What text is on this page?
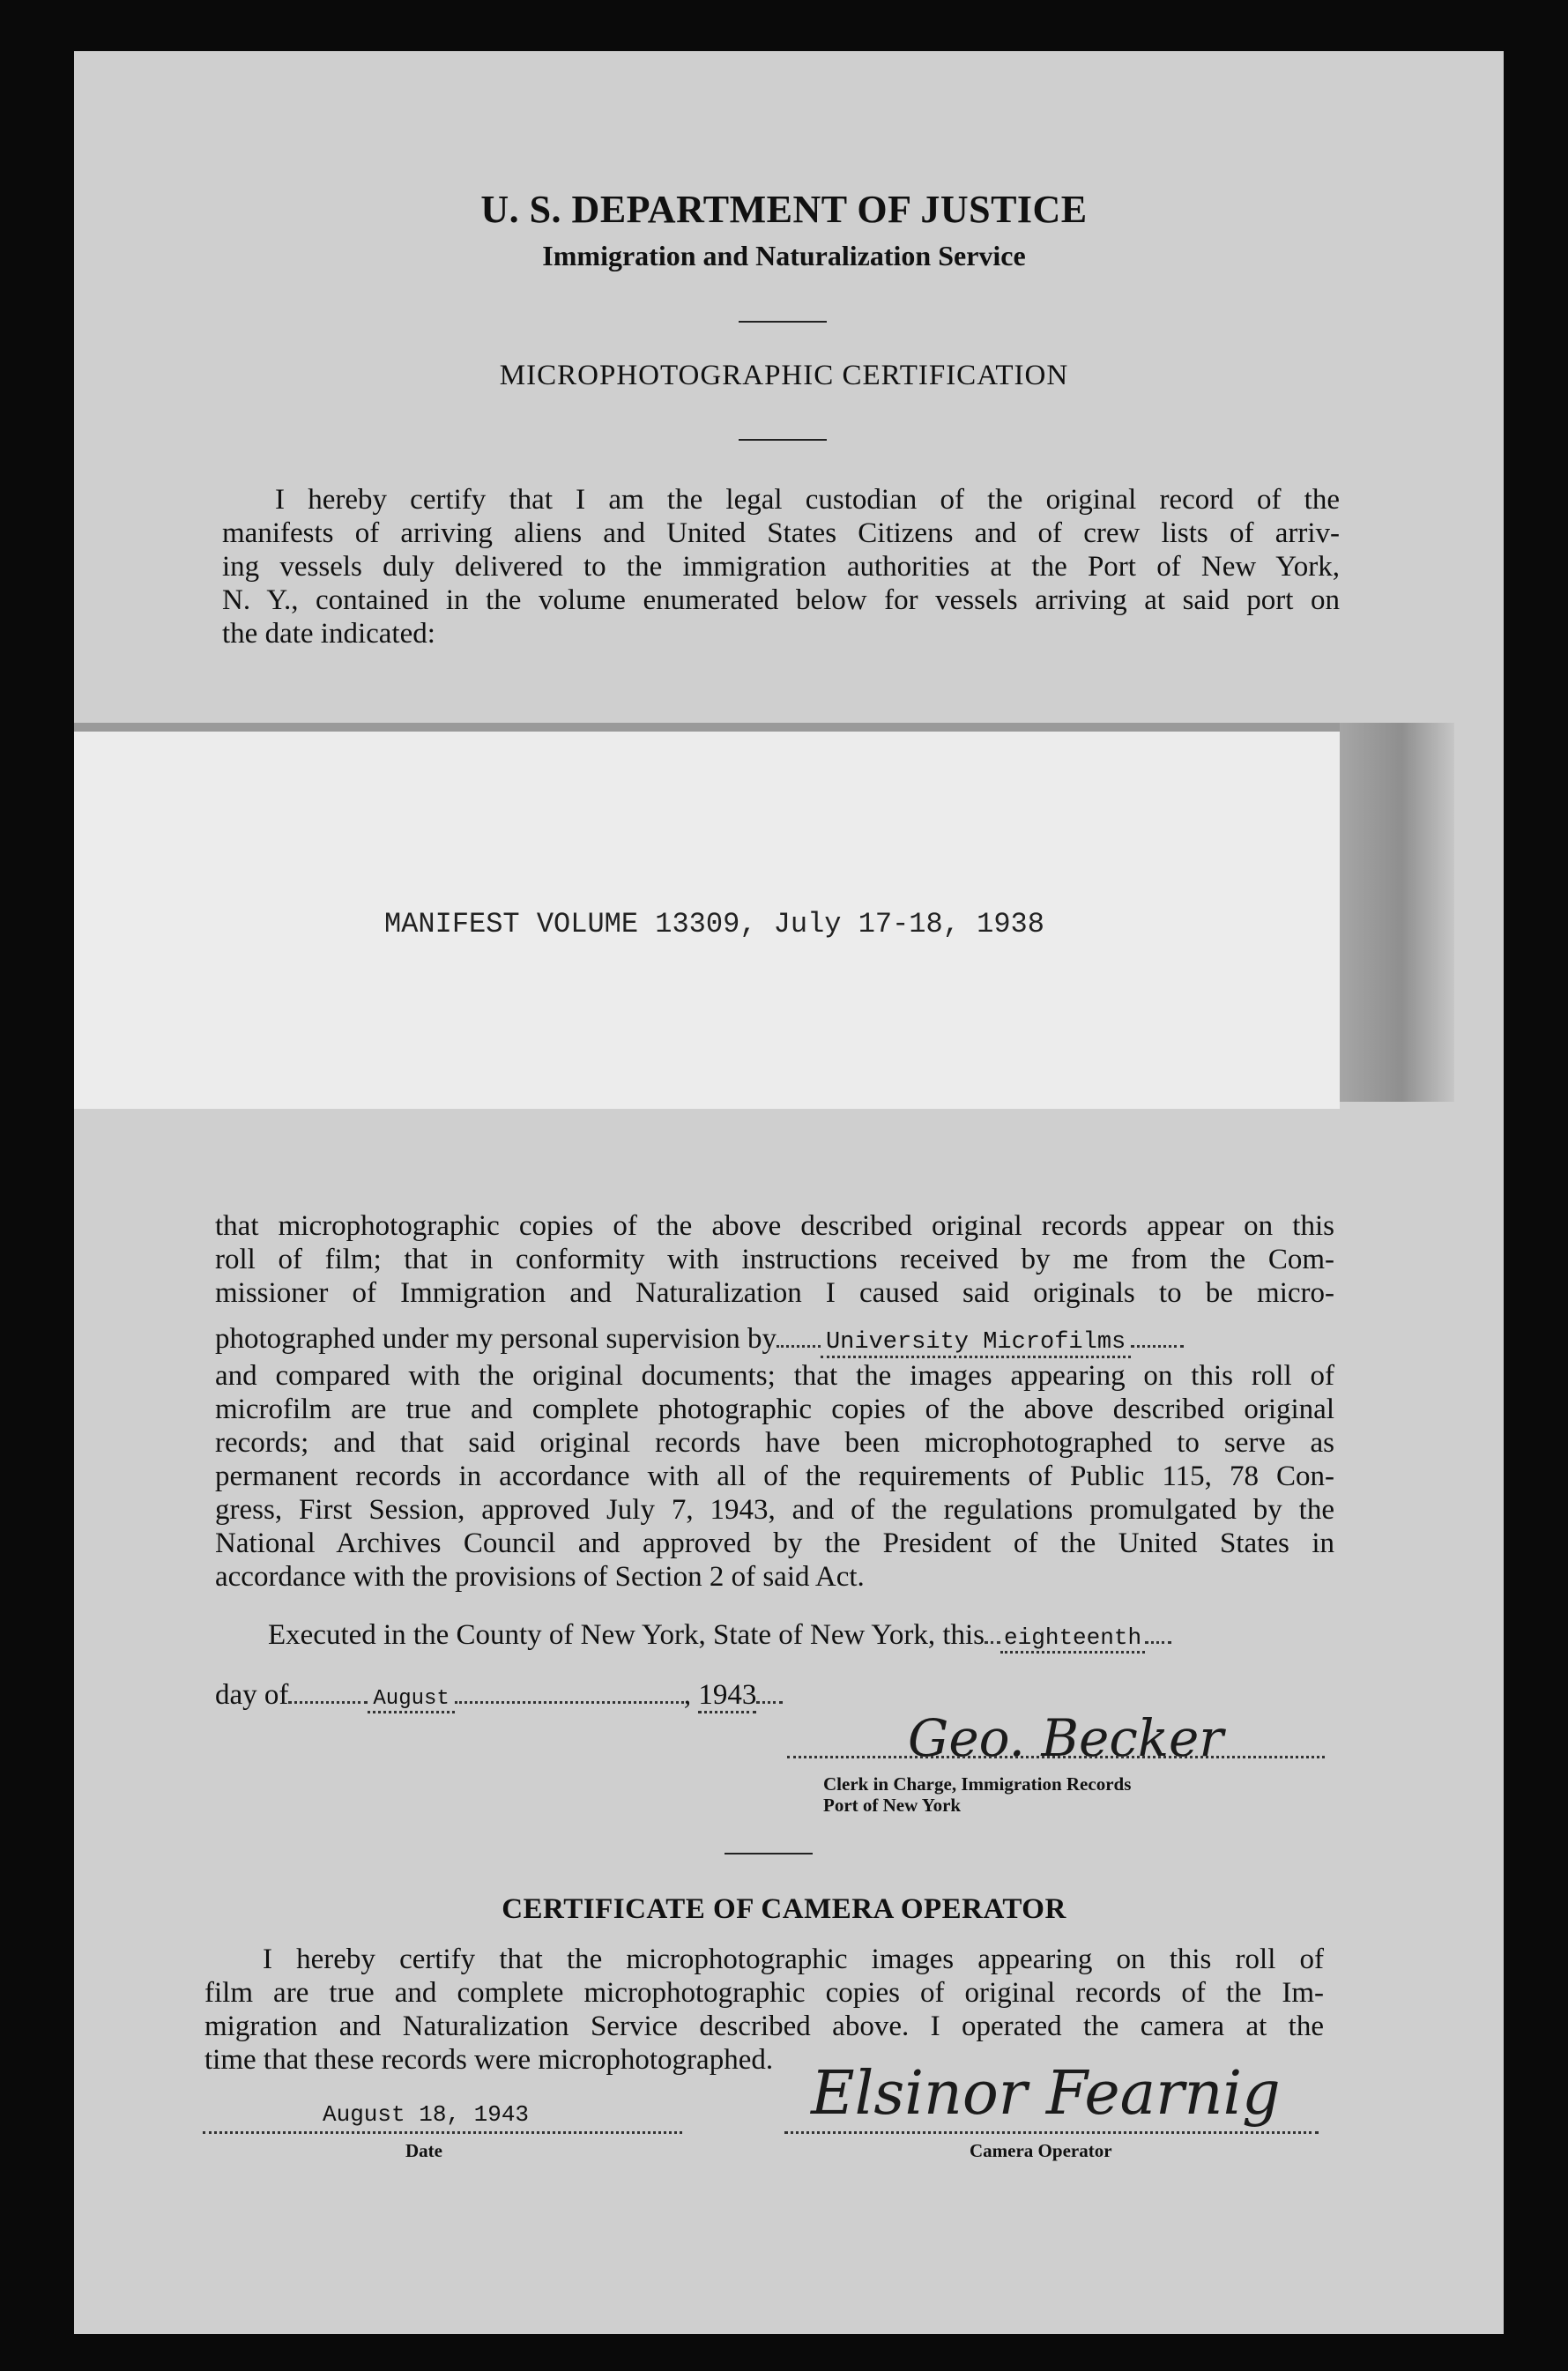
U. S. DEPARTMENT OF JUSTICE
Immigration and Naturalization Service
MICROPHOTOGRAPHIC CERTIFICATION
I hereby certify that I am the legal custodian of the original record of the
manifests of arriving aliens and United States Citizens and of crew lists of arriv-
ing vessels duly delivered to the immigration authorities at the Port of New York,
N. Y., contained in the volume enumerated below for vessels arriving at said port on
the date indicated:
MANIFEST VOLUME 13309, July 17-18, 1938
that microphotographic copies of the above described original records appear on this
roll of film; that in conformity with instructions received by me from the Com-
missioner of Immigration and Naturalization I caused said originals to be micro-
photographed under my personal supervision by University Microfilms
and compared with the original documents; that the images appearing on this roll of
microfilm are true and complete photographic copies of the above described original
records; and that said original records have been microphotographed to serve as
permanent records in accordance with all of the requirements of Public 115, 78 Con-
gress, First Session, approved July 7, 1943, and of the regulations promulgated by the
National Archives Council and approved by the President of the United States in
accordance with the provisions of Section 2 of said Act.
Executed in the County of New York, State of New York, this eighteenth
day of	August	, 1943
Geo. Becker
Clerk in Charge, Immigration Records
Port of New York
CERTIFICATE OF CAMERA OPERATOR
I hereby certify that the microphotographic images appearing on this roll of
film are true and complete microphotographic copies of original records of the Im-
migration and Naturalization Service described above. I operated the camera at the
time that these records were microphotographed.
August 18, 1943
Date
Elsinor Fearnig
Camera Operator
